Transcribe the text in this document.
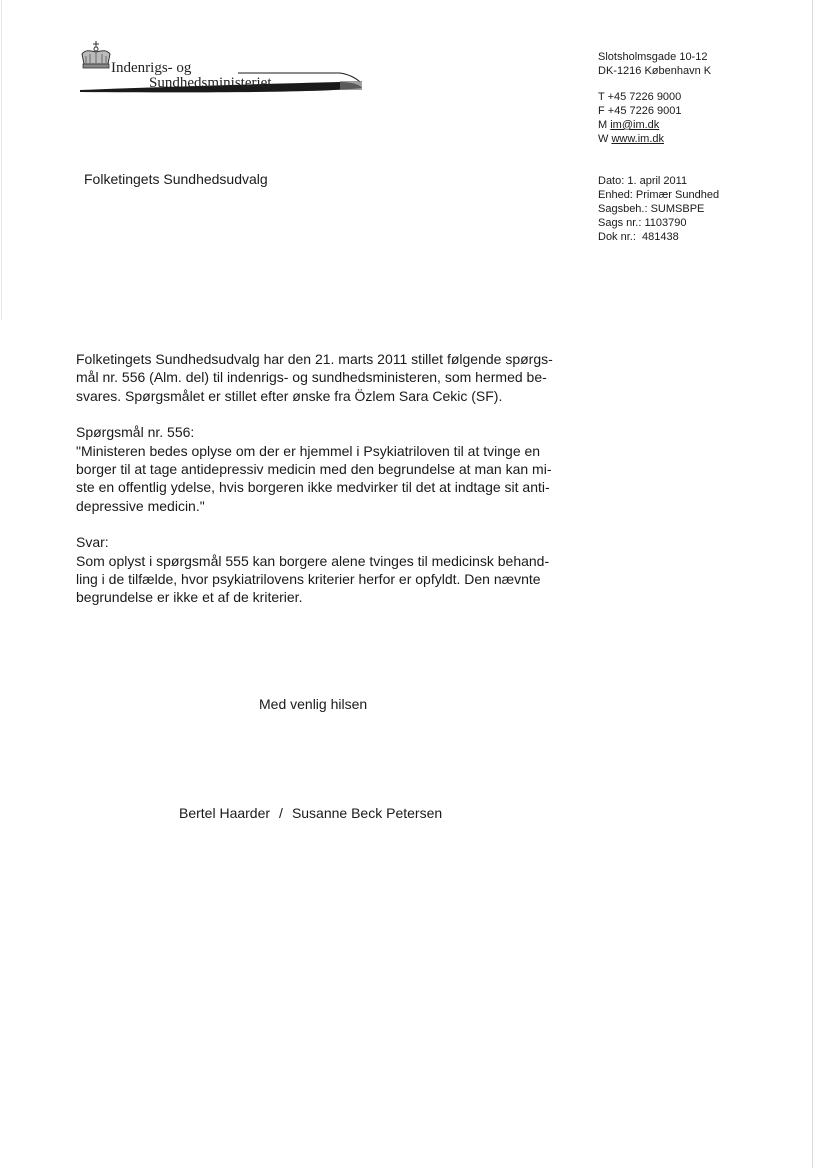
Indenrigs- og
Sundhedsministeriet
Slotsholmsgade 10-12
DK-1216 København K
T +45 7226 9000
F +45 7226 9001
M im@im.dk
W www.im.dk
Dato: 1. april 2011
Enhed: Primær Sundhed
Sagsbeh.: SUMSBPE
Sags nr.: 1103790
Dok nr.:  481438
Folketingets Sundhedsudvalg

Folketingets Sundhedsudvalg har den 21. marts 2011 stillet følgende spørgs-
mål nr. 556 (Alm. del) til indenrigs- og sundhedsministeren, som hermed be-
svares. Spørgsmålet er stillet efter ønske fra Özlem Sara Cekic (SF).

Spørgsmål nr. 556:
"Ministeren bedes oplyse om der er hjemmel i Psykiatriloven til at tvinge en
borger til at tage antidepressiv medicin med den begrundelse at man kan mi-
ste en offentlig ydelse, hvis borgeren ikke medvirker til det at indtage sit anti-
depressive medicin."

Svar:
Som oplyst i spørgsmål 555 kan borgere alene tvinges til medicinsk behand-
ling i de tilfælde, hvor psykiatrilovens kriterier herfor er opfyldt. Den nævnte
begrundelse er ikke et af de kriterier.

Med venlig hilsen
Bertel Haarder / Susanne Beck Petersen
